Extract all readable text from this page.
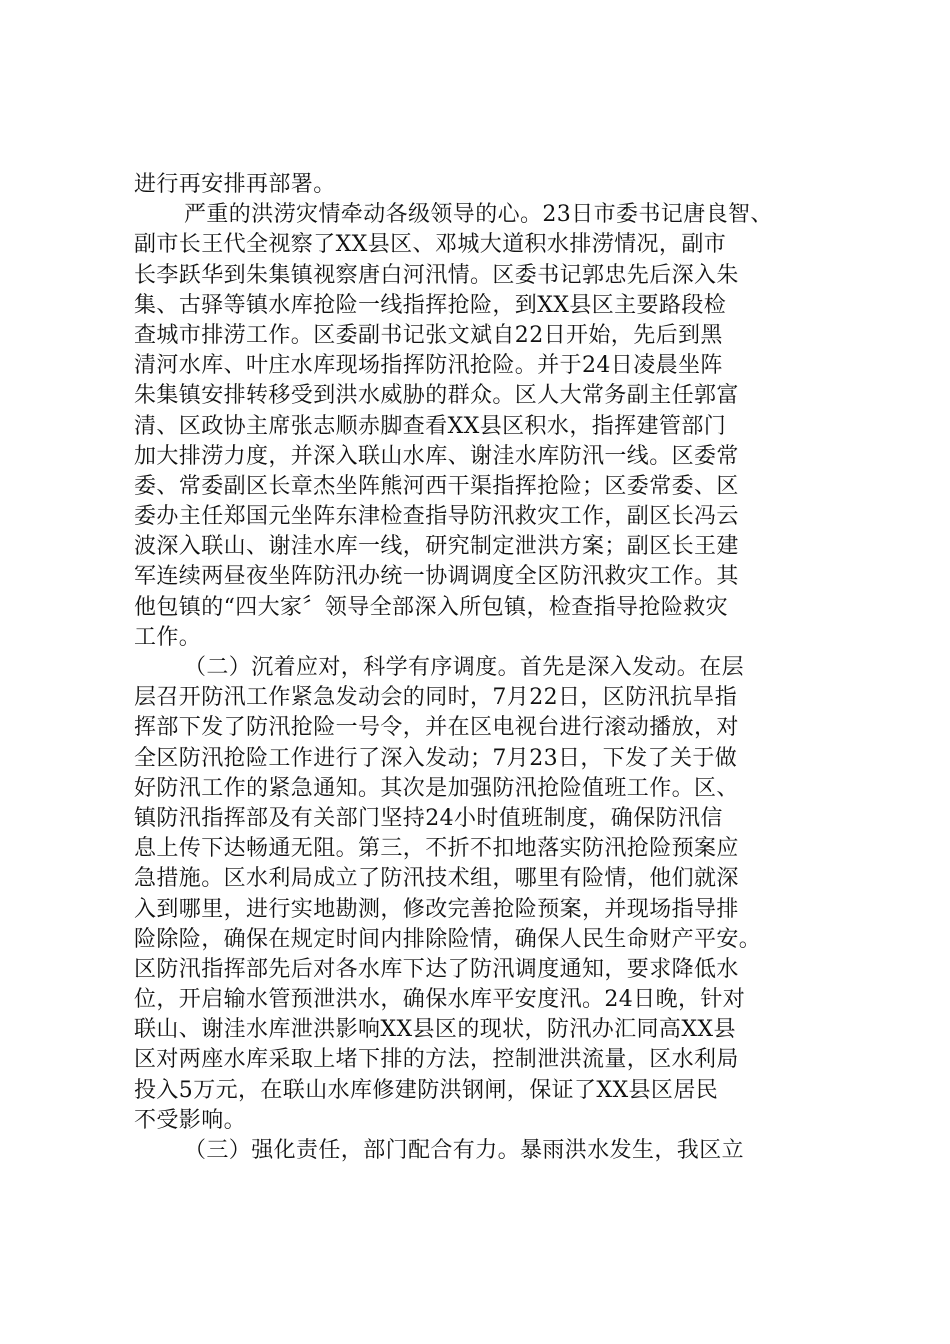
进行再安排再部署。
严重的洪涝灾情牵动各级领导的心。23日市委书记唐良智、
副市长王代全视察了XX县区、邓城大道积水排涝情况，副市
长李跃华到朱集镇视察唐白河汛情。区委书记郭忠先后深入朱
集、古驿等镇水库抢险一线指挥抢险，到XX县区主要路段检
查城市排涝工作。区委副书记张文斌自22日开始，先后到黑
清河水库、叶庄水库现场指挥防汛抢险。并于24日凌晨坐阵
朱集镇安排转移受到洪水威胁的群众。区人大常务副主任郭富
清、区政协主席张志顺赤脚查看XX县区积水，指挥建管部门
加大排涝力度，并深入联山水库、谢洼水库防汛一线。区委常
委、常委副区长章杰坐阵熊河西干渠指挥抢险；区委常委、区
委办主任郑国元坐阵东津检查指导防汛救灾工作，副区长冯云
波深入联山、谢洼水库一线，研究制定泄洪方案；副区长王建
军连续两昼夜坐阵防汛办统一协调调度全区防汛救灾工作。其
他包镇的“四大家〞领导全部深入所包镇，检查指导抢险救灾
工作。
（二）沉着应对，科学有序调度。首先是深入发动。在层
层召开防汛工作紧急发动会的同时，7月22日，区防汛抗旱指
挥部下发了防汛抢险一号令，并在区电视台进行滚动播放，对
全区防汛抢险工作进行了深入发动；7月23日，下发了关于做
好防汛工作的紧急通知。其次是加强防汛抢险值班工作。区、
镇防汛指挥部及有关部门坚持24小时值班制度，确保防汛信
息上传下达畅通无阻。第三，不折不扣地落实防汛抢险预案应
急措施。区水利局成立了防汛技术组，哪里有险情，他们就深
入到哪里，进行实地勘测，修改完善抢险预案，并现场指导排
险除险，确保在规定时间内排除险情，确保人民生命财产平安。
区防汛指挥部先后对各水库下达了防汛调度通知，要求降低水
位，开启输水管预泄洪水，确保水库平安度汛。24日晚，针对
联山、谢洼水库泄洪影响XX县区的现状，防汛办汇同高XX县
区对两座水库采取上堵下排的方法，控制泄洪流量，区水利局
投入5万元，在联山水库修建防洪钢闸，保证了XX县区居民
不受影响。
（三）强化责任，部门配合有力。暴雨洪水发生，我区立
